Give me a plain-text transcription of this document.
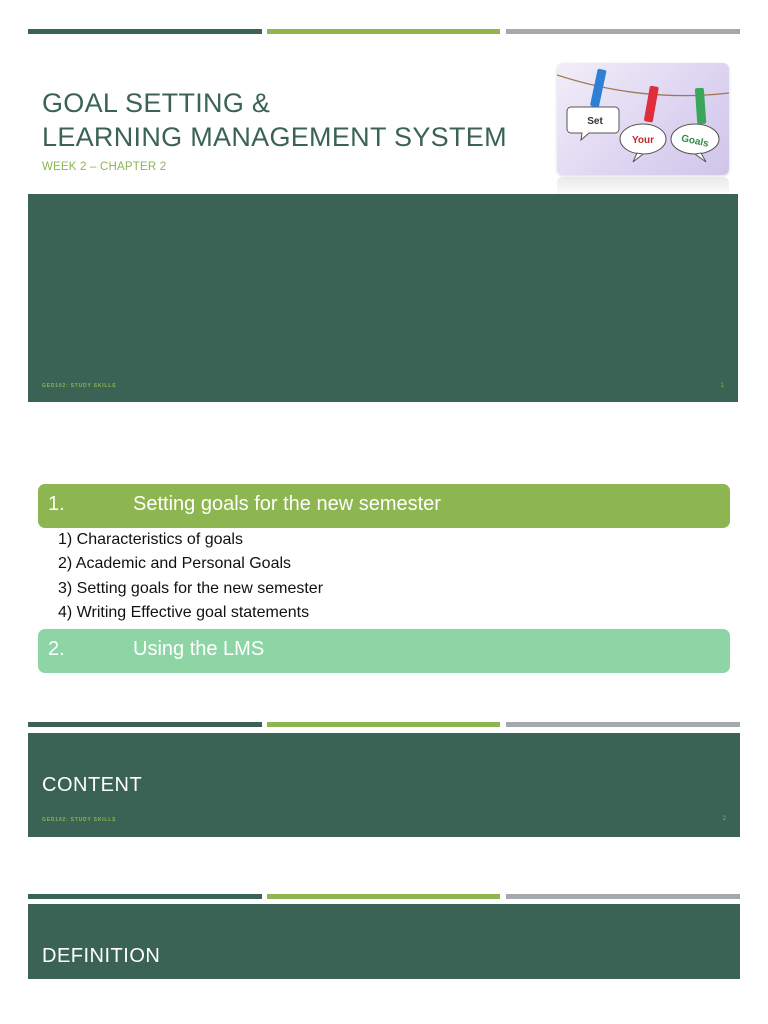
GOAL SETTING &
LEARNING MANAGEMENT SYSTEM
WEEK 2 – CHAPTER 2
Set
Your	Goals
GED102: STUDY SKILLS	1
1.	Setting goals for the new semester
1) Characteristics of goals
2) Academic and Personal Goals
3) Setting goals for the new semester
4) Writing Effective goal statements
2.	Using the LMS
CONTENT
GED102: STUDY SKILLS	2
DEFINITION
